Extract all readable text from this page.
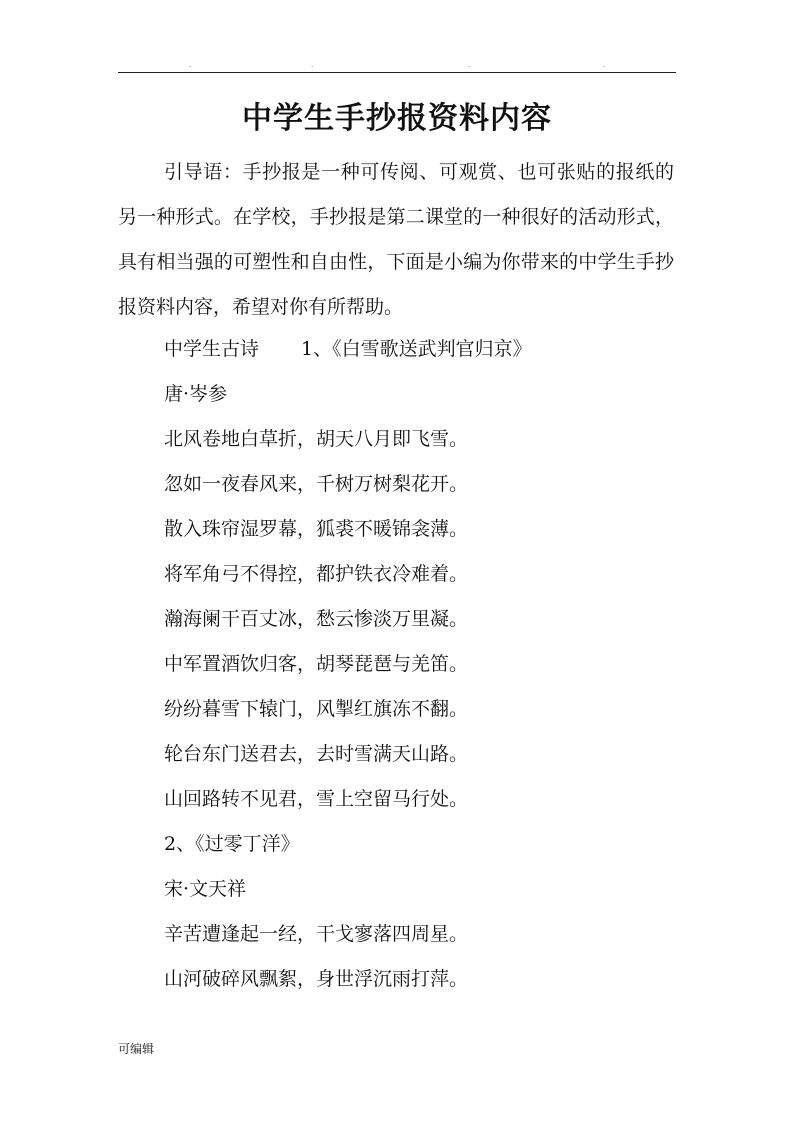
.	.	.	.
中学生手抄报资料内容

引导语：手抄报是一种可传阅、可观赏、也可张贴的报纸的另一种形式。在学校，手抄报是第二课堂的一种很好的活动形式，具有相当强的可塑性和自由性，下面是小编为你带来的中学生手抄报资料内容，希望对你有所帮助。

中学生古诗 1、《白雪歌送武判官归京》
唐·岑参
北风卷地白草折，胡天八月即飞雪。
忽如一夜春风来，千树万树梨花开。
散入珠帘湿罗幕，狐裘不暖锦衾薄。
将军角弓不得控，都护铁衣冷难着。
瀚海阑干百丈冰，愁云惨淡万里凝。
中军置酒饮归客，胡琴琵琶与羌笛。
纷纷暮雪下辕门，风掣红旗冻不翻。
轮台东门送君去，去时雪满天山路。
山回路转不见君，雪上空留马行处。
2、《过零丁洋》
宋·文天祥
辛苦遭逢起一经，干戈寥落四周星。
山河破碎风飘絮，身世浮沉雨打萍。
可编辑
